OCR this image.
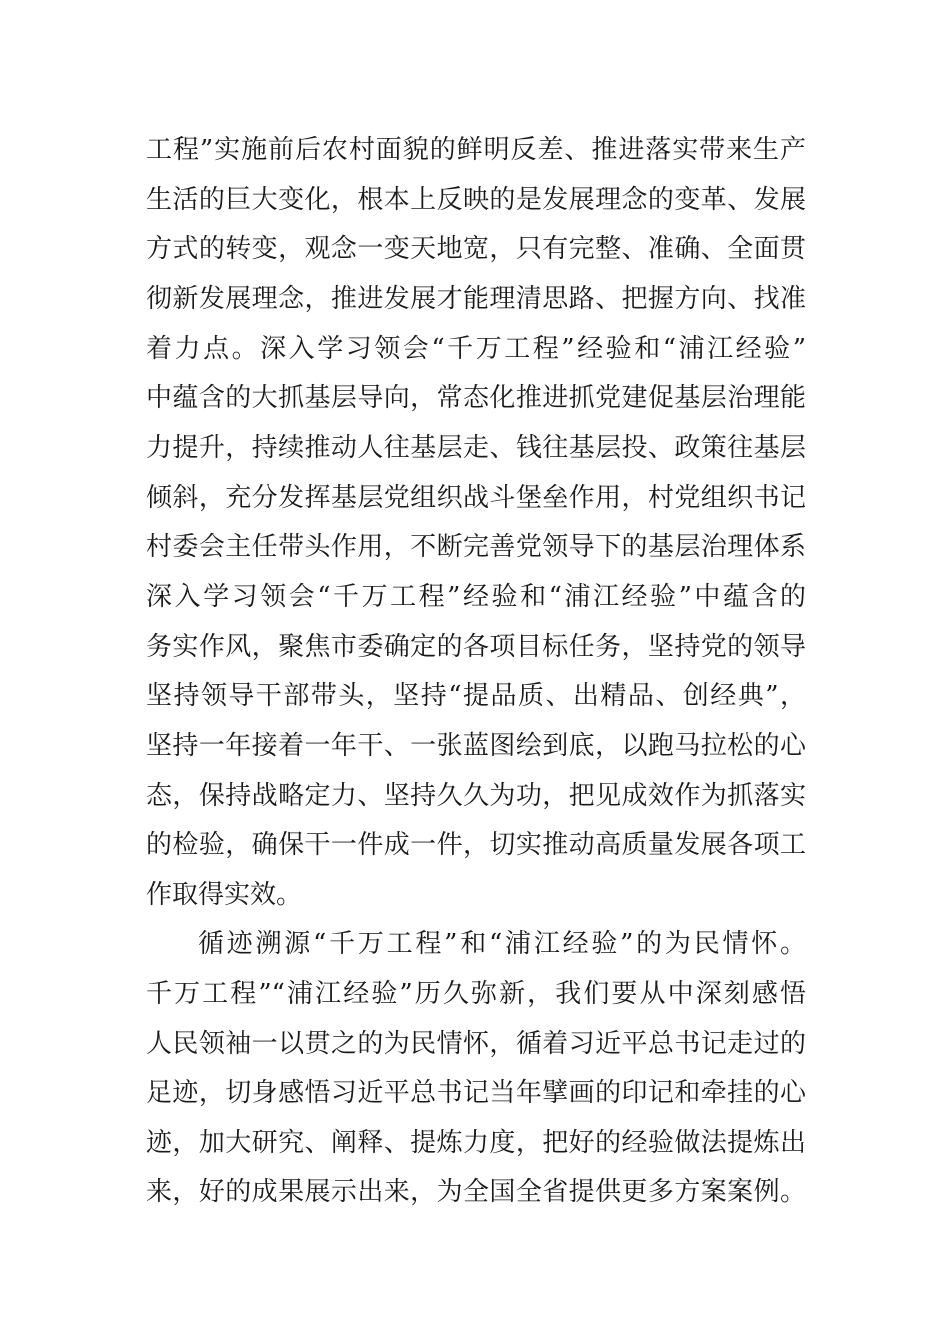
工程”实施前后农村面貌的鲜明反差、推进落实带来生产
生活的巨大变化，根本上反映的是发展理念的变革、发展
方式的转变，观念一变天地宽，只有完整、准确、全面贯
彻新发展理念，推进发展才能理清思路、把握方向、找准
着力点。深入学习领会“千万工程”经验和“浦江经验”
中蕴含的大抓基层导向，常态化推进抓党建促基层治理能
力提升，持续推动人往基层走、钱往基层投、政策往基层
倾斜，充分发挥基层党组织战斗堡垒作用，村党组织书记
村委会主任带头作用，不断完善党领导下的基层治理体系
深入学习领会“千万工程”经验和“浦江经验”中蕴含的
务实作风，聚焦市委确定的各项目标任务，坚持党的领导
坚持领导干部带头，坚持“提品质、出精品、创经典”，
坚持一年接着一年干、一张蓝图绘到底，以跑马拉松的心
态，保持战略定力、坚持久久为功，把见成效作为抓落实
的检验，确保干一件成一件，切实推动高质量发展各项工
作取得实效。
循迹溯源“千万工程”和“浦江经验”的为民情怀。
千万工程”“浦江经验”历久弥新，我们要从中深刻感悟
人民领袖一以贯之的为民情怀，循着习近平总书记走过的
足迹，切身感悟习近平总书记当年擘画的印记和牵挂的心
迹，加大研究、阐释、提炼力度，把好的经验做法提炼出
来，好的成果展示出来，为全国全省提供更多方案案例。
